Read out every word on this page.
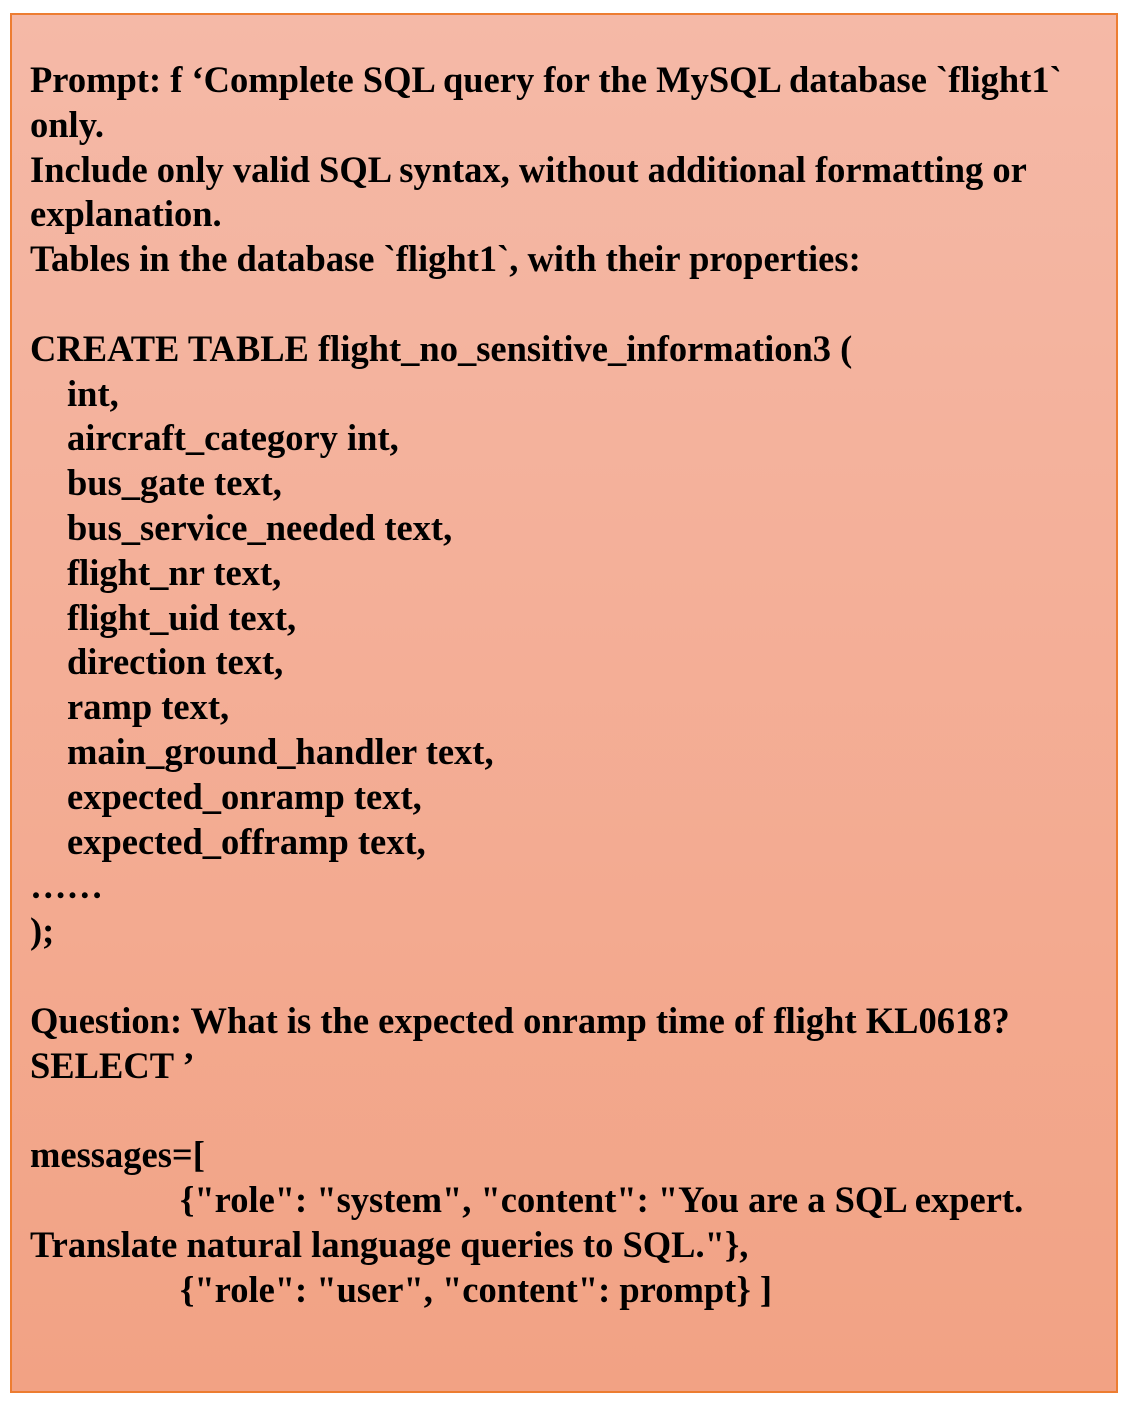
Prompt: f ‘Complete SQL query for the MySQL database `flight1`
only.
Include only valid SQL syntax, without additional formatting or
explanation.
Tables in the database `flight1`, with their properties:
CREATE TABLE flight_no_sensitive_information3 (
int,
aircraft_category int,
bus_gate text,
bus_service_needed text,
flight_nr text,
flight_uid text,
direction text,
ramp text,
main_ground_handler text,
expected_onramp text,
expected_offramp text,
……
);
Question: What is the expected onramp time of flight KL0618?
SELECT ’
messages=[
{"role": "system", "content": "You are a SQL expert.
Translate natural language queries to SQL."},
{"role": "user", "content": prompt} ]
